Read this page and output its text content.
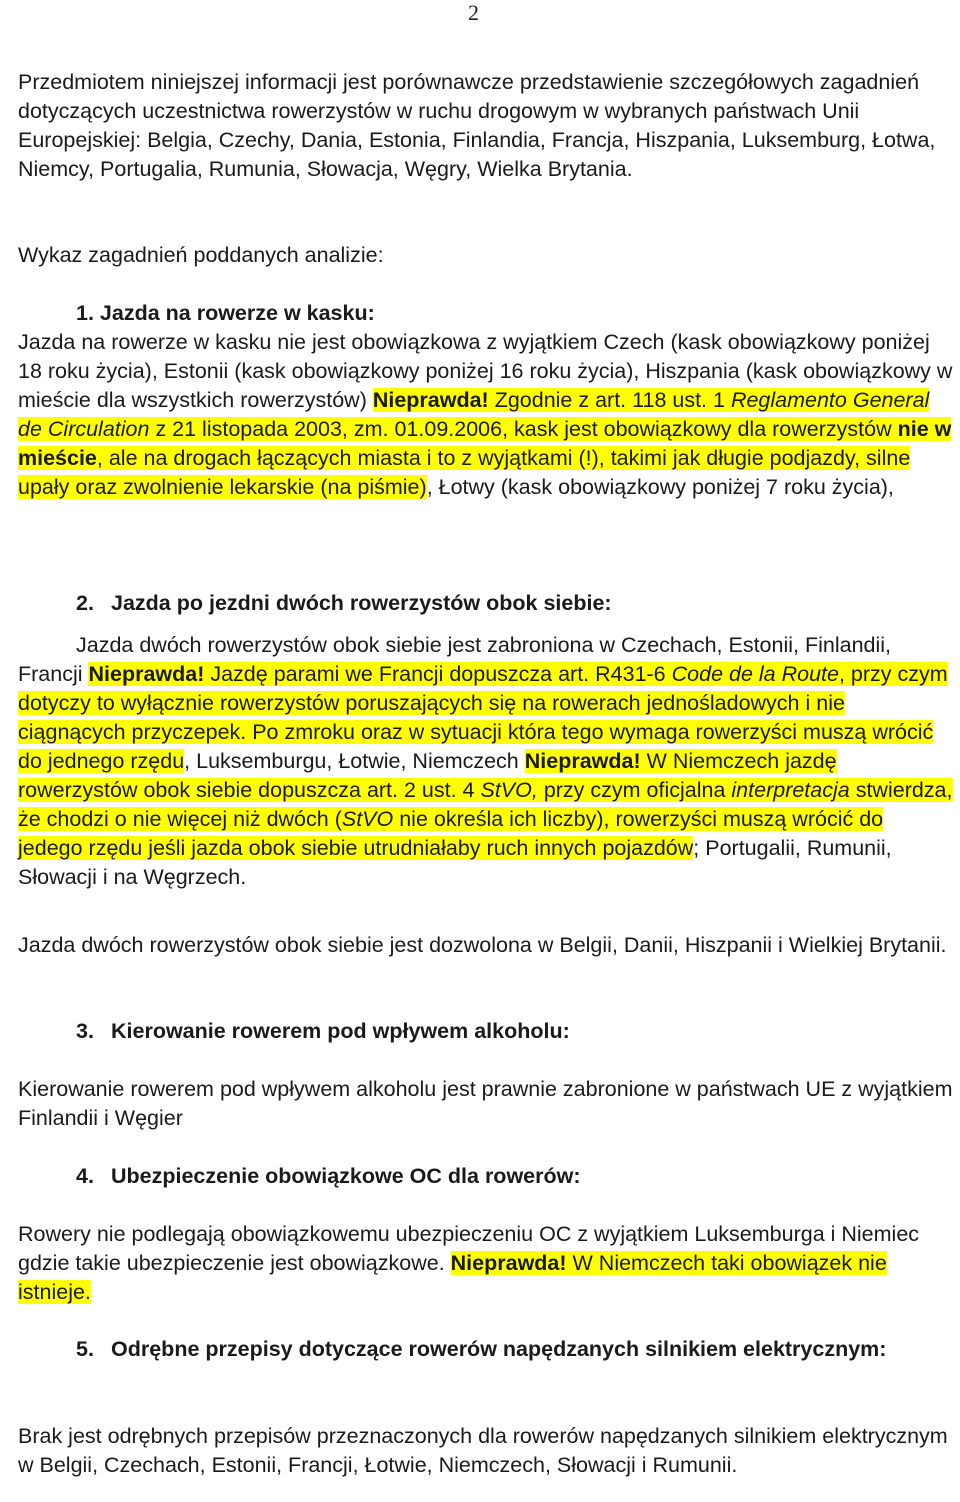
2
Przedmiotem niniejszej informacji jest porównawcze przedstawienie szczegółowych zagadnień dotyczących uczestnictwa rowerzystów w ruchu drogowym w wybranych państwach Unii Europejskiej: Belgia, Czechy, Dania, Estonia, Finlandia, Francja, Hiszpania, Luksemburg, Łotwa, Niemcy, Portugalia, Rumunia, Słowacja, Węgry, Wielka Brytania.
Wykaz zagadnień poddanych analizie:
1. Jazda na rowerze w kasku:
Jazda na rowerze w kasku nie jest obowiązkowa z wyjątkiem Czech (kask obowiązkowy poniżej 18 roku życia), Estonii (kask obowiązkowy poniżej 16 roku życia), Hiszpania (kask obowiązkowy w mieście dla wszystkich rowerzystów) Nieprawda! Zgodnie z art. 118 ust. 1 Reglamento General de Circulation z 21 listopada 2003, zm. 01.09.2006, kask jest obowiązkowy dla rowerzystów nie w mieście, ale na drogach łączących miasta i to z wyjątkami (!), takimi jak długie podjazdy, silne upały oraz zwolnienie lekarskie (na piśmie), Łotwy (kask obowiązkowy poniżej 7 roku życia),
2. Jazda po jezdni dwóch rowerzystów obok siebie:
Jazda dwóch rowerzystów obok siebie jest zabroniona w Czechach, Estonii, Finlandii, Francji Nieprawda! Jazdę parami we Francji dopuszcza art. R431-6 Code de la Route, przy czym dotyczy to wyłącznie rowerzystów poruszających się na rowerach jednośladowych i nie ciągnących przyczepek. Po zmroku oraz w sytuacji która tego wymaga rowerzyści muszą wrócić do jednego rzędu, Luksemburgu, Łotwie, Niemczech Nieprawda! W Niemczech jazdę rowerzystów obok siebie dopuszcza art. 2 ust. 4 StVO, przy czym oficjalna interpretacja stwierdza, że chodzi o nie więcej niż dwóch (StVO nie określa ich liczby), rowerzyści muszą wrócić do jedego rzędu jeśli jazda obok siebie utrudniałaby ruch innych pojazdów; Portugalii, Rumunii, Słowacji i na Węgrzech.
Jazda dwóch rowerzystów obok siebie jest dozwolona w Belgii, Danii, Hiszpanii i Wielkiej Brytanii.
3. Kierowanie rowerem pod wpływem alkoholu:
Kierowanie rowerem pod wpływem alkoholu jest prawnie zabronione w państwach UE z wyjątkiem Finlandii i Węgier
4. Ubezpieczenie obowiązkowe OC dla rowerów:
Rowery nie podlegają obowiązkowemu ubezpieczeniu OC z wyjątkiem Luksemburga i Niemiec gdzie takie ubezpieczenie jest obowiązkowe. Nieprawda! W Niemczech taki obowiązek nie istnieje.
5. Odrębne przepisy dotyczące rowerów napędzanych silnikiem elektrycznym:
Brak jest odrębnych przepisów przeznaczonych dla rowerów napędzanych silnikiem elektrycznym w Belgii, Czechach, Estonii, Francji, Łotwie, Niemczech, Słowacji i Rumunii.
